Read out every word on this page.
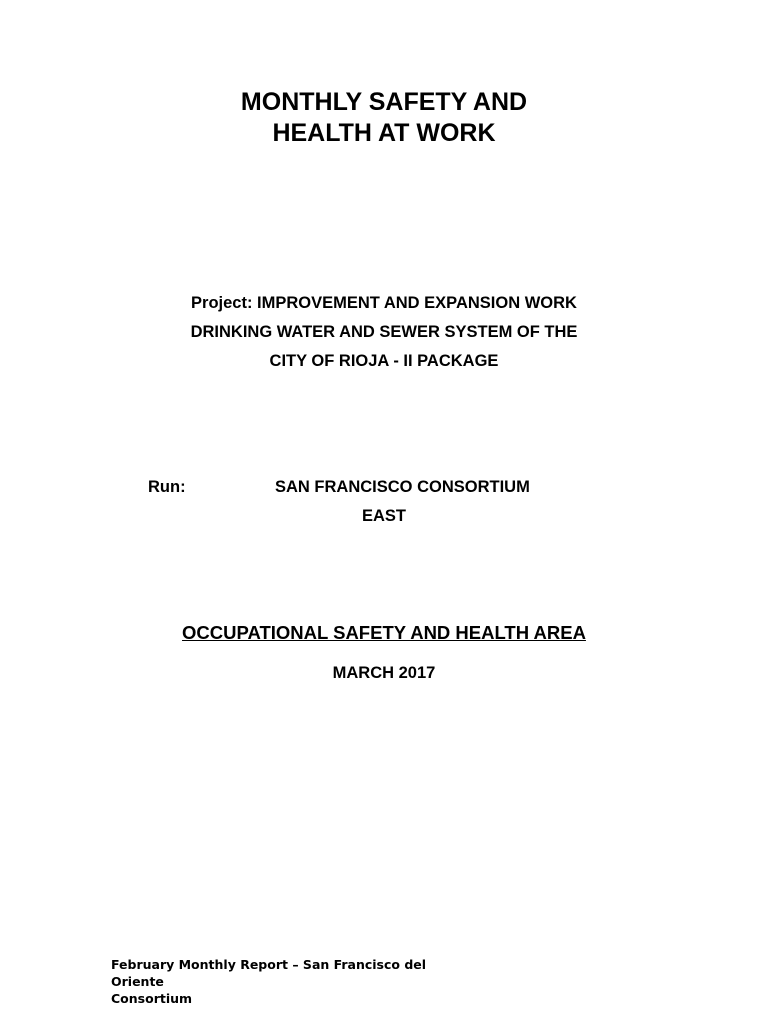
MONTHLY SAFETY AND
HEALTH AT WORK
Project: IMPROVEMENT AND EXPANSION WORK
DRINKING WATER AND SEWER SYSTEM OF THE
CITY OF RIOJA - II PACKAGE
Run:	SAN FRANCISCO CONSORTIUM
EAST
OCCUPATIONAL SAFETY AND HEALTH AREA
MARCH 2017
February Monthly Report – San Francisco del Oriente
Consortium
